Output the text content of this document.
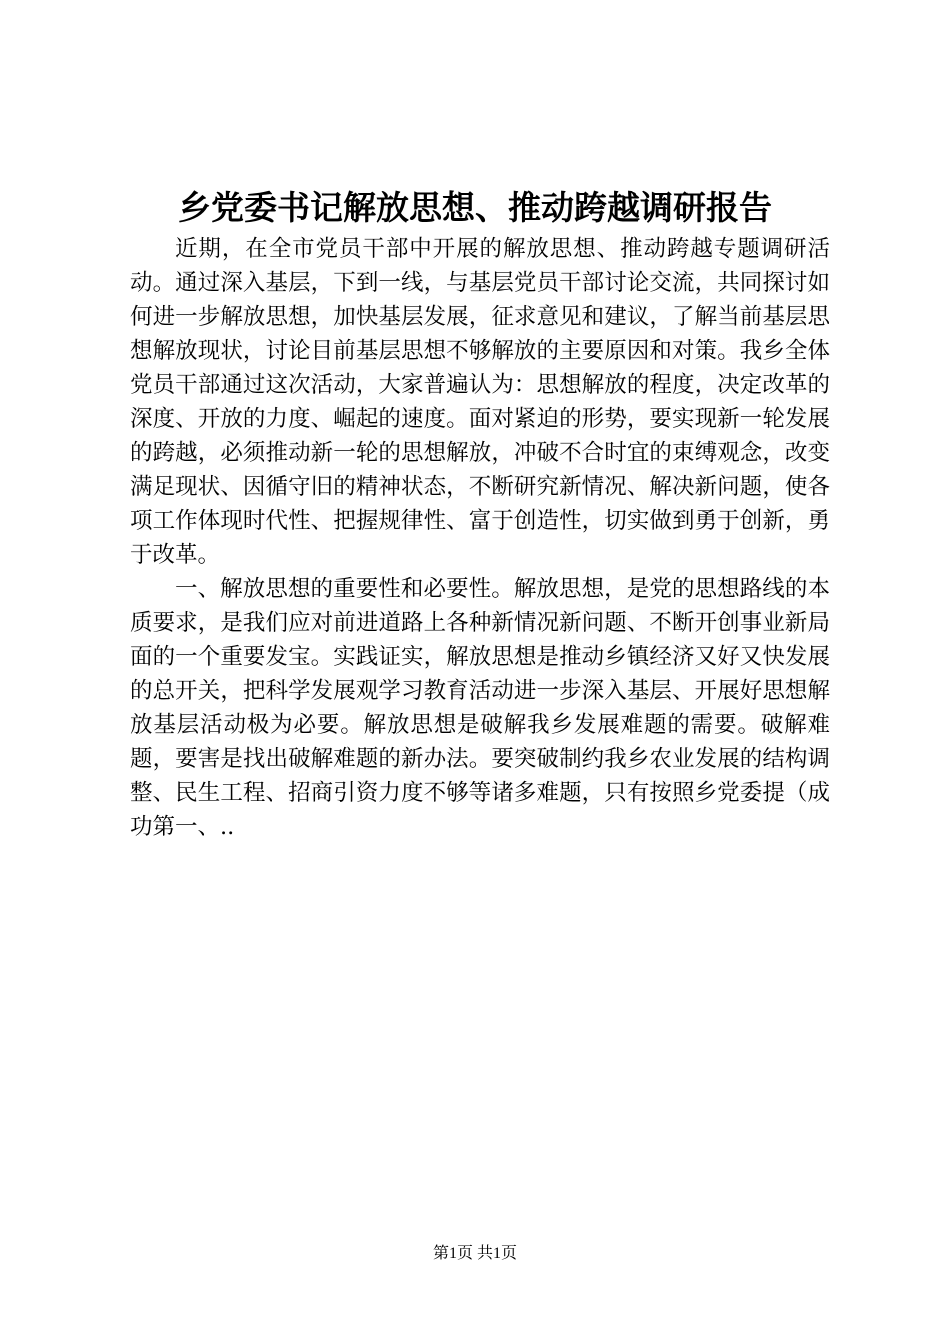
乡党委书记解放思想、推动跨越调研报告

近期，在全市党员干部中开展的解放思想、推动跨越专题调研活动。通过深入基层，下到一线，与基层党员干部讨论交流，共同探讨如何进一步解放思想，加快基层发展，征求意见和建议，了解当前基层思想解放现状，讨论目前基层思想不够解放的主要原因和对策。我乡全体党员干部通过这次活动，大家普遍认为：思想解放的程度，决定改革的深度、开放的力度、崛起的速度。面对紧迫的形势，要实现新一轮发展的跨越，必须推动新一轮的思想解放，冲破不合时宜的束缚观念，改变满足现状、因循守旧的精神状态，不断研究新情况、解决新问题，使各项工作体现时代性、把握规律性、富于创造性，切实做到勇于创新，勇于改革。

一、解放思想的重要性和必要性。解放思想，是党的思想路线的本质要求，是我们应对前进道路上各种新情况新问题、不断开创事业新局面的一个重要发宝。实践证实，解放思想是推动乡镇经济又好又快发展的总开关，把科学发展观学习教育活动进一步深入基层、开展好思想解放基层活动极为必要。解放思想是破解我乡发展难题的需要。破解难题，要害是找出破解难题的新办法。要突破制约我乡农业发展的结构调整、民生工程、招商引资力度不够等诸多难题，只有按照乡党委提（成功第一、..

第1页 共1页
